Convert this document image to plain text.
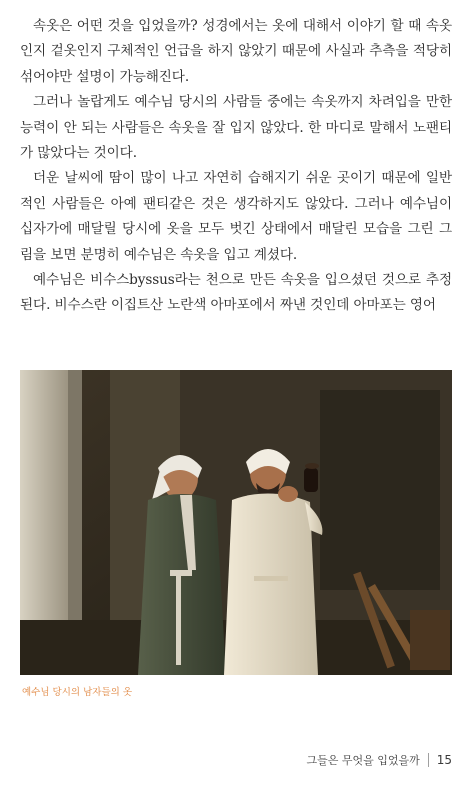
속옷은 어떤 것을 입었을까? 성경에서는 옷에 대해서 이야기 할 때 속옷인지 겉옷인지 구체적인 언급을 하지 않았기 때문에 사실과 추측을 적당히 섞어야만 설명이 가능해진다.

그러나 놀랍게도 예수님 당시의 사람들 중에는 속옷까지 차려입을 만한 능력이 안 되는 사람들은 속옷을 잘 입지 않았다. 한 마디로 말해서 노팬티가 많았다는 것이다.

더운 날씨에 땀이 많이 나고 자연히 습해지기 쉬운 곳이기 때문에 일반적인 사람들은 아예 팬티같은 것은 생각하지도 않았다. 그러나 예수님이 십자가에 매달릴 당시에 옷을 모두 벗긴 상태에서 매달린 모습을 그린 그림을 보면 분명히 예수님은 속옷을 입고 계셨다.

예수님은 비수스byssus라는 천으로 만든 속옷을 입으셨던 것으로 추정된다. 비수스란 이집트산 노란색 아마포에서 짜낸 것인데 아마포는 영어

예수님 당시의 남자들의 옷
그들은 무엇을 입었을까 15
